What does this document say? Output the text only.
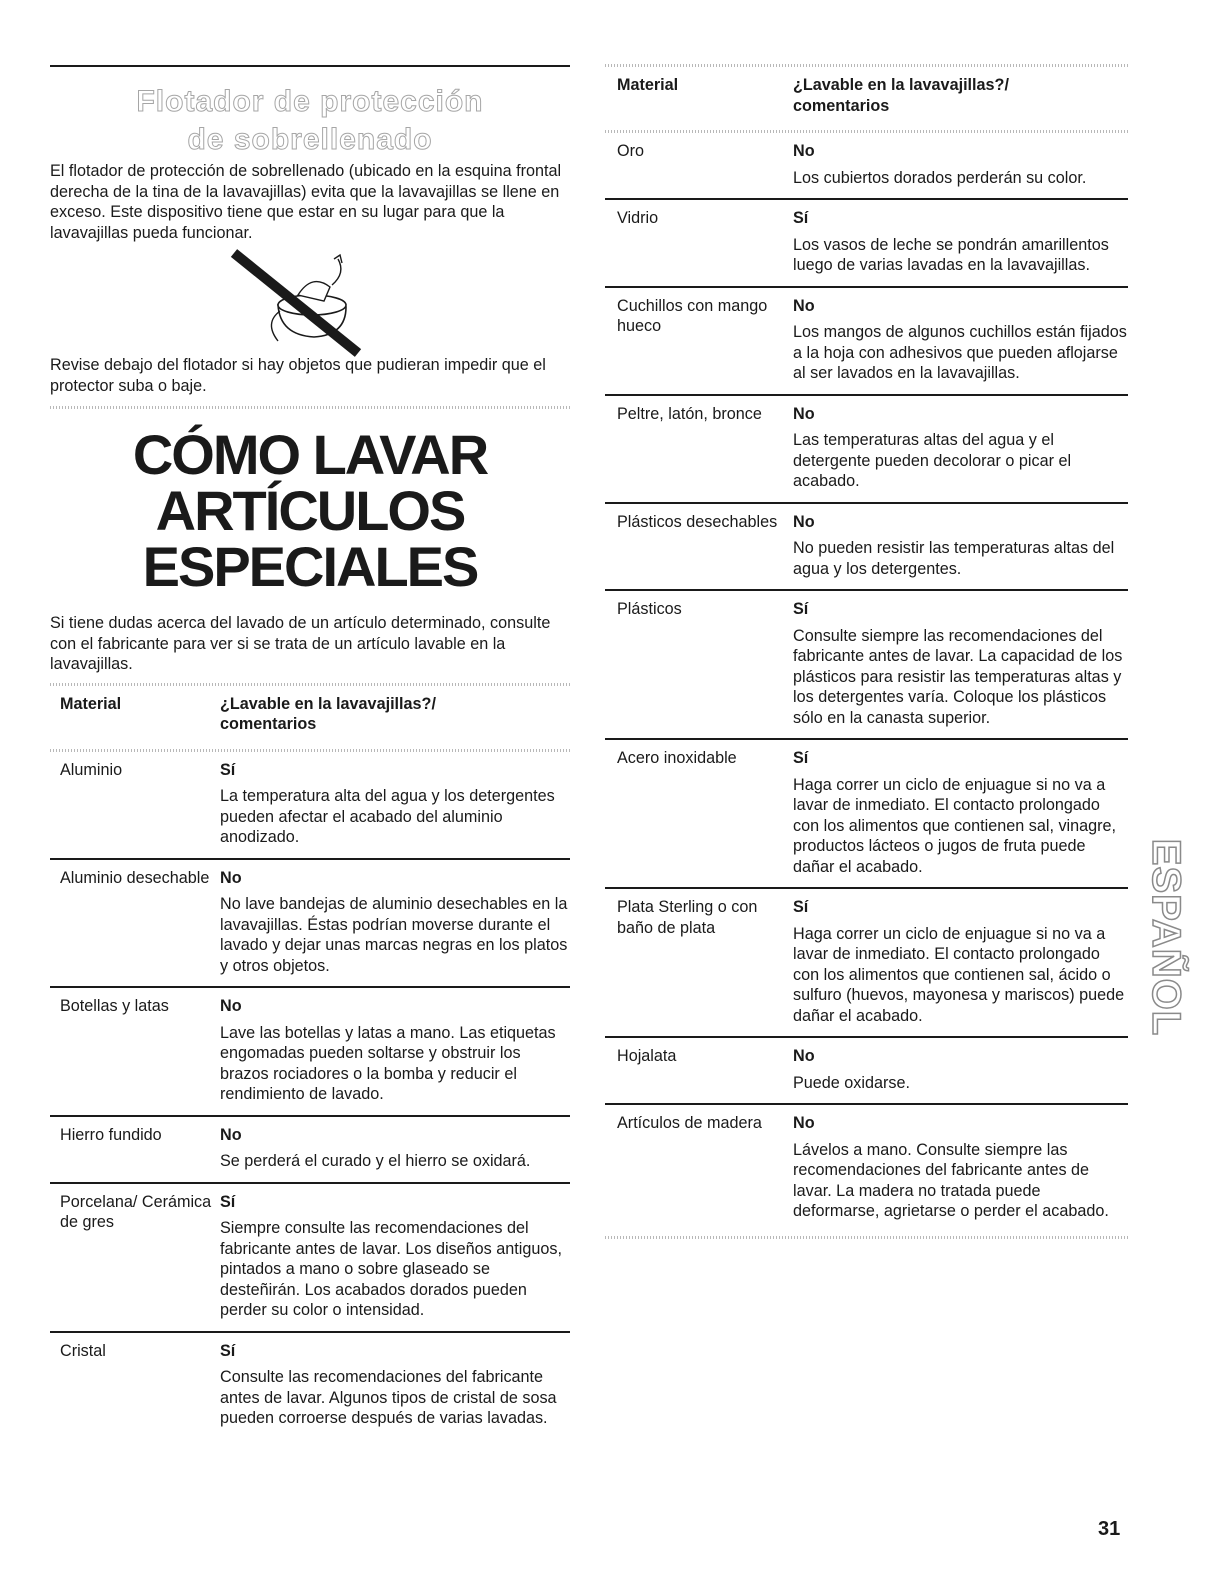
Flotador de protección
de sobrellenado

El flotador de protección de sobrellenado (ubicado en la esquina frontal derecha de la tina de la lavavajillas) evita que la lavavajillas se llene en exceso. Este dispositivo tiene que estar en su lugar para que la lavavajillas pueda funcionar.

Revise debajo del flotador si hay objetos que pudieran impedir que el protector suba o baje.

CÓMO LAVAR
ARTÍCULOS
ESPECIALES

Si tiene dudas acerca del lavado de un artículo determinado, consulte con el fabricante para ver si se trata de un artículo lavable en la lavavajillas.

Material	¿Lavable en la lavavajillas?/
comentarios
Aluminio	Sí
La temperatura alta del agua y los detergentes pueden afectar el acabado del aluminio anodizado.

Aluminio desechable	No
No lave bandejas de aluminio desechables en la lavavajillas. Éstas podrían moverse durante el lavado y dejar unas marcas negras en los platos y otros objetos.

Botellas y latas	No
Lave las botellas y latas a mano. Las etiquetas engomadas pueden soltarse y obstruir los brazos rociadores o la bomba y reducir el rendimiento de lavado.

Hierro fundido	No
Se perderá el curado y el hierro se oxidará.

Porcelana/ Cerámica de gres	Sí
Siempre consulte las recomendaciones del fabricante antes de lavar. Los diseños antiguos, pintados a mano o sobre glaseado se desteñirán. Los acabados dorados pueden perder su color o intensidad.

Cristal	Sí
Consulte las recomendaciones del fabricante antes de lavar. Algunos tipos de cristal de sosa pueden corroerse después de varias lavadas.
Material	¿Lavable en la lavavajillas?/
comentarios
Oro	No
Los cubiertos dorados perderán su color.

Vidrio	Sí
Los vasos de leche se pondrán amarillentos luego de varias lavadas en la lavavajillas.

Cuchillos con mango hueco	No
Los mangos de algunos cuchillos están fijados a la hoja con adhesivos que pueden aflojarse al ser lavados en la lavavajillas.

Peltre, latón, bronce	No
Las temperaturas altas del agua y el detergente pueden decolorar o picar el acabado.

Plásticos desechables	No
No pueden resistir las temperaturas altas del agua y los detergentes.

Plásticos	Sí
Consulte siempre las recomendaciones del fabricante antes de lavar. La capacidad de los plásticos para resistir las temperaturas altas y los detergentes varía. Coloque los plásticos sólo en la canasta superior.

Acero inoxidable	Sí
Haga correr un ciclo de enjuague si no va a lavar de inmediato. El contacto prolongado con los alimentos que contienen sal, vinagre, productos lácteos o jugos de fruta puede dañar el acabado.

Plata Sterling o con baño de plata	Sí
Haga correr un ciclo de enjuague si no va a lavar de inmediato. El contacto prolongado con los alimentos que contienen sal, ácido o sulfuro (huevos, mayonesa y mariscos) puede dañar el acabado.

Hojalata	No
Puede oxidarse.

Artículos de madera	No
Lávelos a mano. Consulte siempre las recomendaciones del fabricante antes de lavar. La madera no tratada puede deformarse, agrietarse o perder el acabado.
ESPAÑOL
31
